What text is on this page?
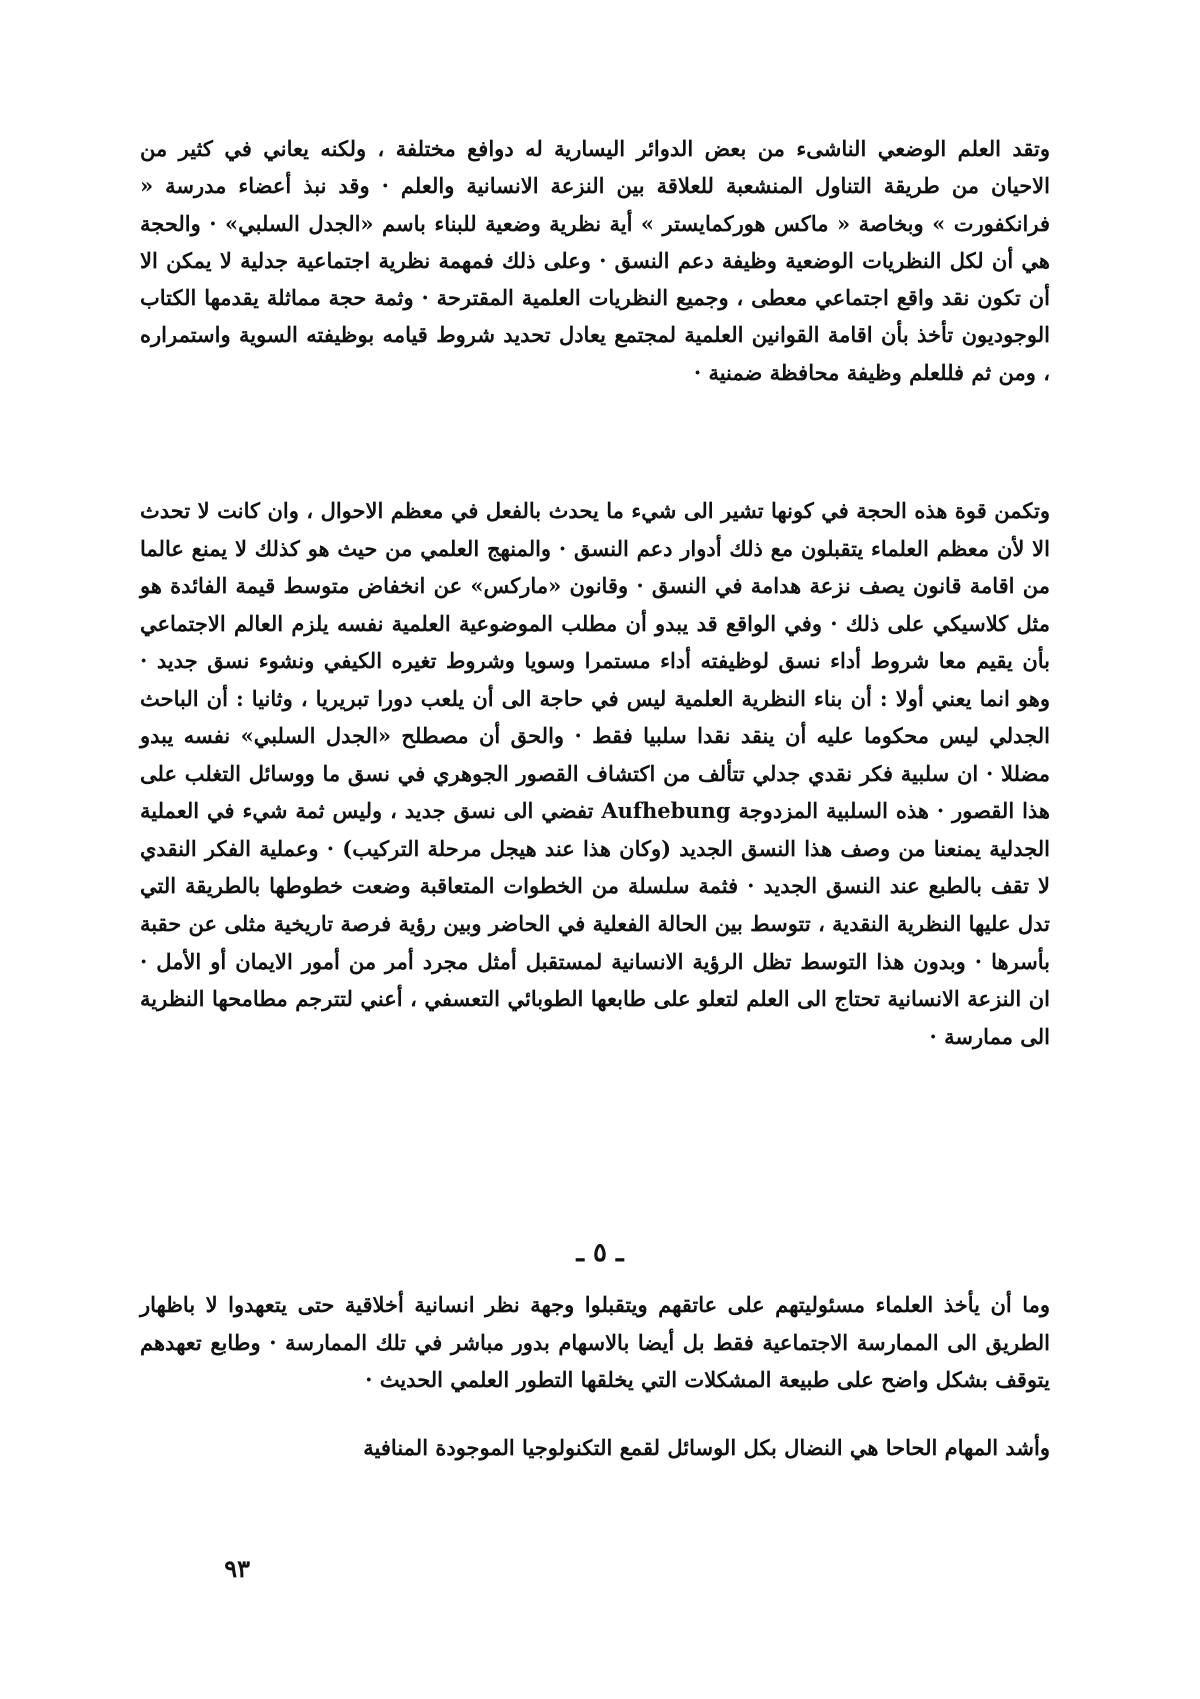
وتقد العلم الوضعي الناشىء من بعض الدوائر اليسارية له دوافع مختلفة ، ولكنه يعاني في كثير من الاحيان من طريقة التناول المنشعبة للعلاقة بين النزعة الانسانية والعلم · وقد نبذ أعضاء مدرسة « فرانكفورت » وبخاصة « ماكس هوركمايستر » أية نظرية وضعية للبناء باسم «الجدل السلبي» · والحجة هي أن لكل النظريات الوضعية وظيفة دعم النسق · وعلى ذلك فمهمة نظرية اجتماعية جدلية لا يمكن الا أن تكون نقد واقع اجتماعي معطى ، وجميع النظريات العلمية المقترحة · وثمة حجة مماثلة يقدمها الكتاب الوجوديون تأخذ بأن اقامة القوانين العلمية لمجتمع يعادل تحديد شروط قيامه بوظيفته السوية واستمراره ، ومن ثم فللعلم وظيفة محافظة ضمنية ·

وتكمن قوة هذه الحجة في كونها تشير الى شيء ما يحدث بالفعل في معظم الاحوال ، وان كانت لا تحدث الا لأن معظم العلماء يتقبلون مع ذلك أدوار دعم النسق · والمنهج العلمي من حيث هو كذلك لا يمنع عالما من اقامة قانون يصف نزعة هدامة في النسق · وقانون «ماركس» عن انخفاض متوسط قيمة الفائدة هو مثل كلاسيكي على ذلك · وفي الواقع قد يبدو أن مطلب الموضوعية العلمية نفسه يلزم العالم الاجتماعي بأن يقيم معا شروط أداء نسق لوظيفته أداء مستمرا وسويا وشروط تغيره الكيفي ونشوء نسق جديد · وهو انما يعني أولا : أن بناء النظرية العلمية ليس في حاجة الى أن يلعب دورا تبريريا ، وثانيا : أن الباحث الجدلي ليس محكوما عليه أن ينقد نقدا سلبيا فقط · والحق أن مصطلح «الجدل السلبي» نفسه يبدو مضللا · ان سلبية فكر نقدي جدلي تتألف من اكتشاف القصور الجوهري في نسق ما ووسائل التغلب على هذا القصور · هذه السلبية المزدوجة Aufhebung تفضي الى نسق جديد ، وليس ثمة شيء في العملية الجدلية يمنعنا من وصف هذا النسق الجديد (وكان هذا عند هيجل مرحلة التركيب) · وعملية الفكر النقدي لا تقف بالطبع عند النسق الجديد · فثمة سلسلة من الخطوات المتعاقبة وضعت خطوطها بالطريقة التي تدل عليها النظرية النقدية ، تتوسط بين الحالة الفعلية في الحاضر وبين رؤية فرصة تاريخية مثلى عن حقبة بأسرها · وبدون هذا التوسط تظل الرؤية الانسانية لمستقبل أمثل مجرد أمر من أمور الايمان أو الأمل · ان النزعة الانسانية تحتاج الى العلم لتعلو على طابعها الطوبائي التعسفي ، أعني لتترجم مطامحها النظرية الى ممارسة ·

ـ ٥ ـ

وما أن يأخذ العلماء مسئوليتهم على عاتقهم ويتقبلوا وجهة نظر انسانية أخلاقية حتى يتعهدوا لا باظهار الطريق الى الممارسة الاجتماعية فقط بل أيضا بالاسهام بدور مباشر في تلك الممارسة · وطابع تعهدهم يتوقف بشكل واضح على طبيعة المشكلات التي يخلقها التطور العلمي الحديث ·

وأشد المهام الحاحا هي النضال بكل الوسائل لقمع التكنولوجيا الموجودة المنافية

٩٣
